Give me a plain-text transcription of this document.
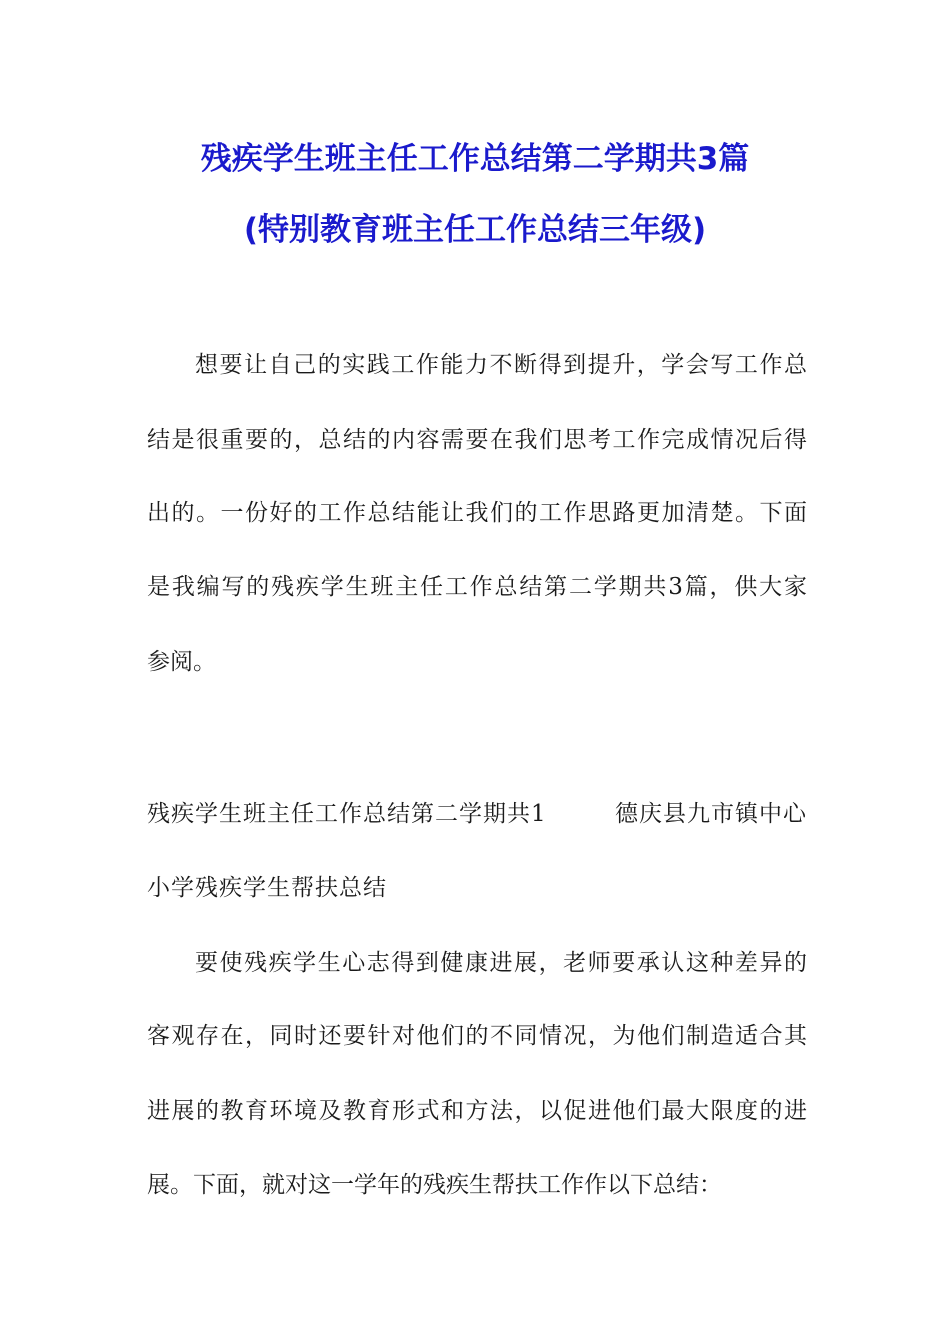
残疾学生班主任工作总结第二学期共3篇
(特别教育班主任工作总结三年级)
想要让自己的实践工作能力不断得到提升，学会写工作总
结是很重要的，总结的内容需要在我们思考工作完成情况后得
出的。一份好的工作总结能让我们的工作思路更加清楚。下面
是我编写的残疾学生班主任工作总结第二学期共3篇，供大家
参阅。
残疾学生班主任工作总结第二学期共1	德庆县九市镇中心
小学残疾学生帮扶总结
要使残疾学生心志得到健康进展，老师要承认这种差异的
客观存在，同时还要针对他们的不同情况，为他们制造适合其
进展的教育环境及教育形式和方法，以促进他们最大限度的进
展。下面，就对这一学年的残疾生帮扶工作作以下总结：
